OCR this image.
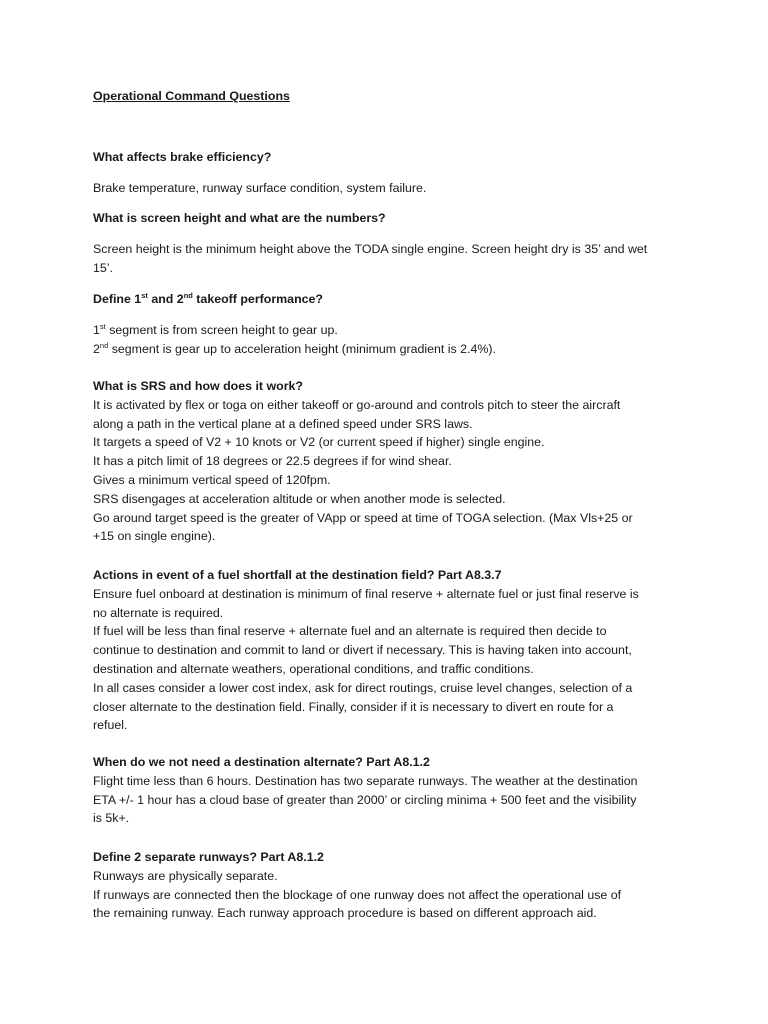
Operational Command Questions

What affects brake efficiency?

Brake temperature, runway surface condition, system failure.

What is screen height and what are the numbers?

Screen height is the minimum height above the TODA single engine. Screen height dry is 35’ and wet

15’.

Define 1st and 2nd takeoff performance?

1st segment is from screen height to gear up.

2nd segment is gear up to acceleration height (minimum gradient is 2.4%).

What is SRS and how does it work?

It is activated by flex or toga on either takeoff or go-around and controls pitch to steer the aircraft

along a path in the vertical plane at a defined speed under SRS laws.

It targets a speed of V2 + 10 knots or V2 (or current speed if higher) single engine.

It has a pitch limit of 18 degrees or 22.5 degrees if for wind shear.

Gives a minimum vertical speed of 120fpm.

SRS disengages at acceleration altitude or when another mode is selected.

Go around target speed is the greater of VApp or speed at time of TOGA selection. (Max Vls+25 or

+15 on single engine).

Actions in event of a fuel shortfall at the destination field? Part A8.3.7

Ensure fuel onboard at destination is minimum of final reserve + alternate fuel or just final reserve is

no alternate is required.

If fuel will be less than final reserve + alternate fuel and an alternate is required then decide to

continue to destination and commit to land or divert if necessary. This is having taken into account,

destination and alternate weathers, operational conditions, and traffic conditions.

In all cases consider a lower cost index, ask for direct routings, cruise level changes, selection of a

closer alternate to the destination field. Finally, consider if it is necessary to divert en route for a

refuel.

When do we not need a destination alternate? Part A8.1.2

Flight time less than 6 hours. Destination has two separate runways. The weather at the destination

ETA +/- 1 hour has a cloud base of greater than 2000’ or circling minima + 500 feet and the visibility

is 5k+.

Define 2 separate runways? Part A8.1.2

Runways are physically separate.

If runways are connected then the blockage of one runway does not affect the operational use of

the remaining runway. Each runway approach procedure is based on different approach aid.
